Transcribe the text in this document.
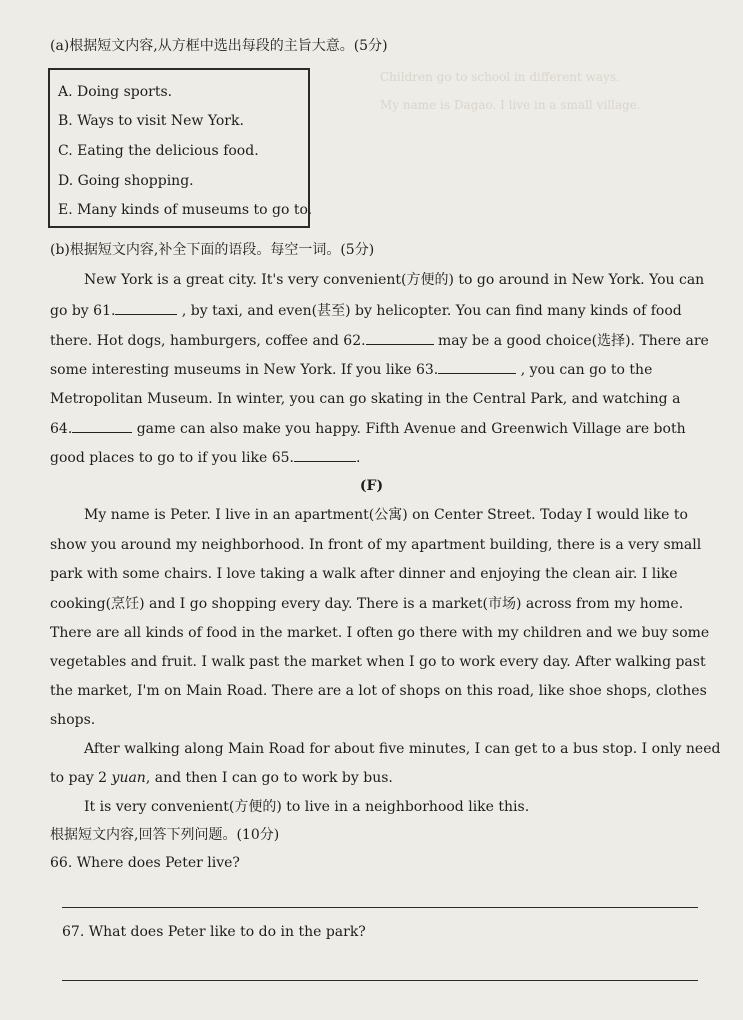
Children go to school in different ways.
My name is Dagao. I live in a small village.
(a)根据短文内容,从方框中选出每段的主旨大意。(5分)
A. Doing sports.
B. Ways to visit New York.
C. Eating the delicious food.
D. Going shopping.
E. Many kinds of museums to go to.
(b)根据短文内容,补全下面的语段。每空一词。(5分)
New York is a great city. It's very convenient(方便的) to go around in New York. You can
go by 61.	, by taxi, and even(甚至) by helicopter. You can find many kinds of food
there. Hot dogs, hamburgers, coffee and 62.	may be a good choice(选择). There are
some interesting museums in New York. If you like 63.	, you can go to the
Metropolitan Museum. In winter, you can go skating in the Central Park, and watching a
64.	game can also make you happy. Fifth Avenue and Greenwich Village are both
good places to go to if you like 65.	.
(F)
My name is Peter. I live in an apartment(公寓) on Center Street. Today I would like to
show you around my neighborhood. In front of my apartment building, there is a very small
park with some chairs. I love taking a walk after dinner and enjoying the clean air. I like
cooking(烹饪) and I go shopping every day. There is a market(市场) across from my home.
There are all kinds of food in the market. I often go there with my children and we buy some
vegetables and fruit. I walk past the market when I go to work every day. After walking past
the market, I'm on Main Road. There are a lot of shops on this road, like shoe shops, clothes
shops.
After walking along Main Road for about five minutes, I can get to a bus stop. I only need
to pay 2 yuan, and then I can go to work by bus.
It is very convenient(方便的) to live in a neighborhood like this.
根据短文内容,回答下列问题。(10分)
66. Where does Peter live?
67. What does Peter like to do in the park?
